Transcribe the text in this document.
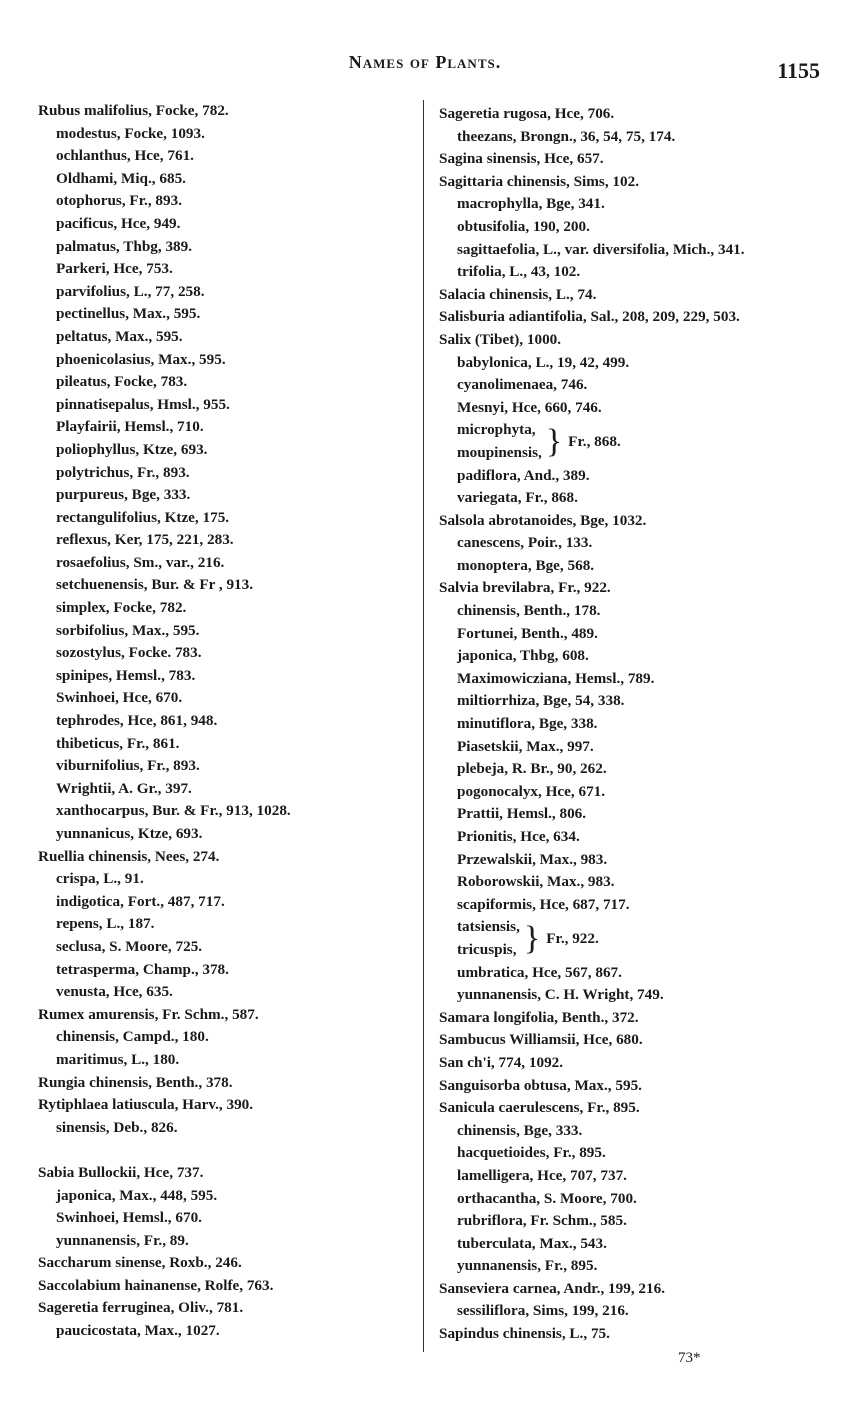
Names of Plants.	1155
Rubus malifolius, Focke, 782.
modestus, Focke, 1093.
ochlanthus, Hce, 761.
Oldhami, Miq., 685.
otophorus, Fr., 893.
pacificus, Hce, 949.
palmatus, Thbg, 389.
Parkeri, Hce, 753.
parvifolius, L., 77, 258.
pectinellus, Max., 595.
peltatus, Max., 595.
phoenicolasius, Max., 595.
pileatus, Focke, 783.
pinnatisepalus, Hmsl., 955.
Playfairii, Hemsl., 710.
poliophyllus, Ktze, 693.
polytrichus, Fr., 893.
purpureus, Bge, 333.
rectangulifolius, Ktze, 175.
reflexus, Ker, 175, 221, 283.
rosaefolius, Sm., var., 216.
setchuenensis, Bur. & Fr , 913.
simplex, Focke, 782.
sorbifolius, Max., 595.
sozostylus, Focke. 783.
spinipes, Hemsl., 783.
Swinhoei, Hce, 670.
tephrodes, Hce, 861, 948.
thibeticus, Fr., 861.
viburnifolius, Fr., 893.
Wrightii, A. Gr., 397.
xanthocarpus, Bur. & Fr., 913, 1028.
yunnanicus, Ktze, 693.
Ruellia chinensis, Nees, 274.
crispa, L., 91.
indigotica, Fort., 487, 717.
repens, L., 187.
seclusa, S. Moore, 725.
tetrasperma, Champ., 378.
venusta, Hce, 635.
Rumex amurensis, Fr. Schm., 587.
chinensis, Campd., 180.
maritimus, L., 180.
Rungia chinensis, Benth., 378.
Rytiphlaea latiuscula, Harv., 390.
sinensis, Deb., 826.
Sabia Bullockii, Hce, 737.
japonica, Max., 448, 595.
Swinhoei, Hemsl., 670.
yunnanensis, Fr., 89.
Saccharum sinense, Roxb., 246.
Saccolabium hainanense, Rolfe, 763.
Sageretia ferruginea, Oliv., 781.
paucicostata, Max., 1027.
Sageretia rugosa, Hce, 706.
theezans, Brongn., 36, 54, 75, 174.
Sagina sinensis, Hce, 657.
Sagittaria chinensis, Sims, 102.
macrophylla, Bge, 341.
obtusifolia, 190, 200.
sagittaefolia, L., var. diversifolia, Mich., 341.
trifolia, L., 43, 102.
Salacia chinensis, L., 74.
Salisburia adiantifolia, Sal., 208, 209, 229, 503.
Salix (Tibet), 1000.
babylonica, L., 19, 42, 499.
cyanolimenaea, 746.
Mesnyi, Hce, 660, 746.
microphyta,
moupinensis, } Fr., 868.
padiflora, And., 389.
variegata, Fr., 868.
Salsola abrotanoides, Bge, 1032.
canescens, Poir., 133.
monoptera, Bge, 568.
Salvia brevilabra, Fr., 922.
chinensis, Benth., 178.
Fortunei, Benth., 489.
japonica, Thbg, 608.
Maximowicziana, Hemsl., 789.
miltiorrhiza, Bge, 54, 338.
minutiflora, Bge, 338.
Piasetskii, Max., 997.
plebeja, R. Br., 90, 262.
pogonocalyx, Hce, 671.
Prattii, Hemsl., 806.
Prionitis, Hce, 634.
Przewalskii, Max., 983.
Roborowskii, Max., 983.
scapiformis, Hce, 687, 717.
tatsiensis,
tricuspis, } Fr., 922.
umbratica, Hce, 567, 867.
yunnanensis, C. H. Wright, 749.
Samara longifolia, Benth., 372.
Sambucus Williamsii, Hce, 680.
San ch'i, 774, 1092.
Sanguisorba obtusa, Max., 595.
Sanicula caerulescens, Fr., 895.
chinensis, Bge, 333.
hacquetioides, Fr., 895.
lamelligera, Hce, 707, 737.
orthacantha, S. Moore, 700.
rubriflora, Fr. Schm., 585.
tuberculata, Max., 543.
yunnanensis, Fr., 895.
Sanseviera carnea, Andr., 199, 216.
sessiliflora, Sims, 199, 216.
Sapindus chinensis, L., 75.
73*
